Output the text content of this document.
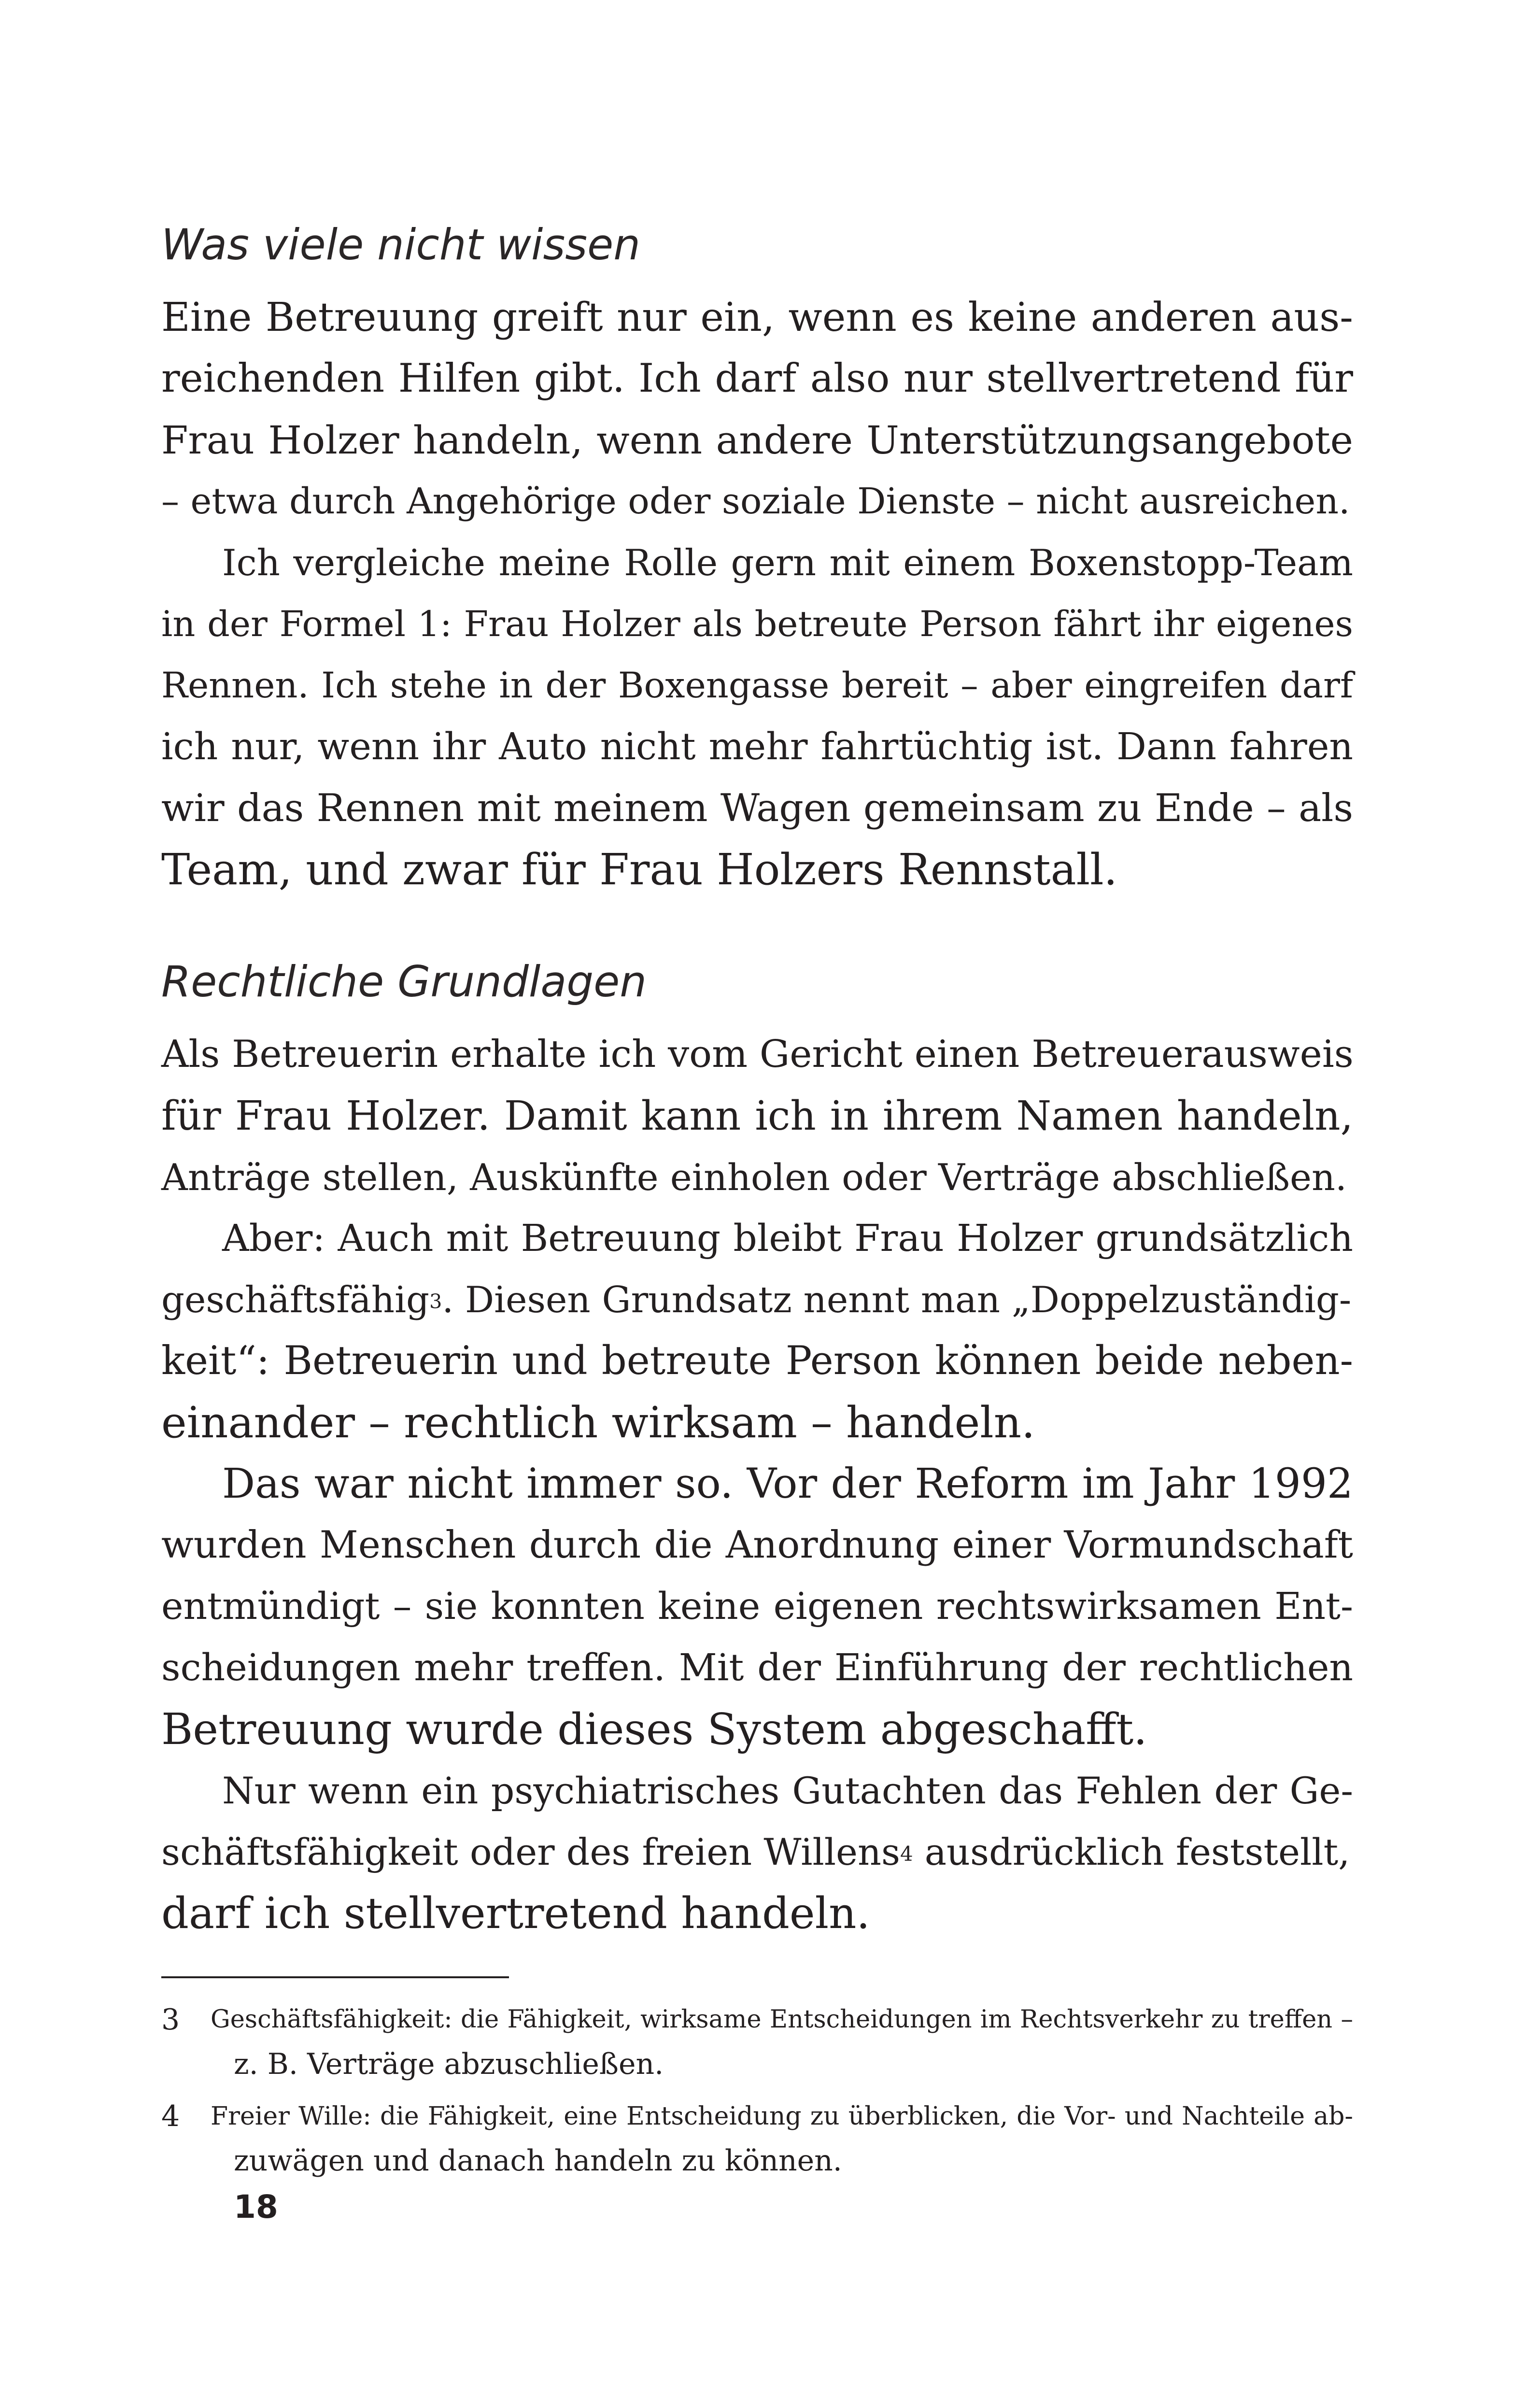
Was viele nicht wissen

Eine Betreuung greift nur ein, wenn es keine anderen aus-

reichenden Hilfen gibt. Ich darf also nur stellvertretend für

Frau Holzer handeln, wenn andere Unterstützungsangebote

– etwa durch Angehörige oder soziale Dienste – nicht ausreichen.

Ich vergleiche meine Rolle gern mit einem Boxenstopp-Team

in der Formel 1: Frau Holzer als betreute Person fährt ihr eigenes

Rennen. Ich stehe in der Boxengasse bereit – aber eingreifen darf

ich nur, wenn ihr Auto nicht mehr fahrtüchtig ist. Dann fahren

wir das Rennen mit meinem Wagen gemeinsam zu Ende – als

Team, und zwar für Frau Holzers Rennstall.

Rechtliche Grundlagen

Als Betreuerin erhalte ich vom Gericht einen Betreuerausweis

für Frau Holzer. Damit kann ich in ihrem Namen handeln,

Anträge stellen, Auskünfte einholen oder Verträge abschließen.

Aber: Auch mit Betreuung bleibt Frau Holzer grundsätzlich

geschäftsfähig$^3$. Diesen Grundsatz nennt man „Doppelzuständig-

keit“: Betreuerin und betreute Person können beide neben-

einander – rechtlich wirksam – handeln.

Das war nicht immer so. Vor der Reform im Jahr 1992

wurden Menschen durch die Anordnung einer Vormundschaft

entmündigt – sie konnten keine eigenen rechtswirksamen Ent-

scheidungen mehr treffen. Mit der Einführung der rechtlichen

Betreuung wurde dieses System abgeschafft.

Nur wenn ein psychiatrisches Gutachten das Fehlen der Ge-

schäftsfähigkeit oder des freien Willens$^4$ ausdrücklich feststellt,

darf ich stellvertretend handeln.

3 Geschäftsfähigkeit: die Fähigkeit, wirksame Entscheidungen im Rechtsverkehr zu treffen –
z. B. Verträge abzuschließen.
4 Freier Wille: die Fähigkeit, eine Entscheidung zu überblicken, die Vor- und Nachteile ab-
zuwägen und danach handeln zu können.
18
